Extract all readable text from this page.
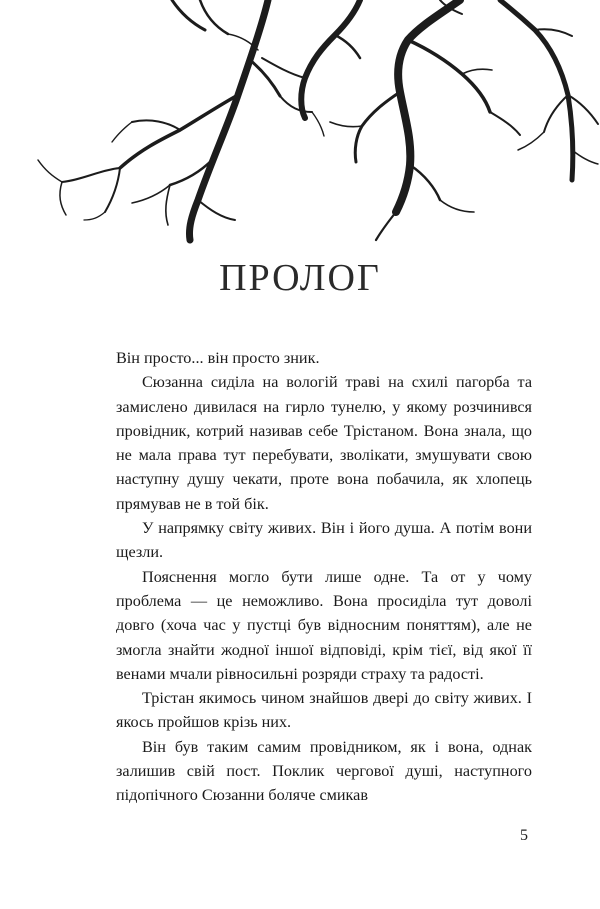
ПРОЛОГ

Він просто... він просто зник.

Сюзанна сиділа на вологій траві на схилі пагорба та замислено дивилася на гирло тунелю, у якому розчинився провідник, котрий називав себе Трістаном. Вона знала, що не мала права тут перебувати, зволікати, змушувати свою наступну душу чекати, проте вона побачила, як хлопець прямував не в той бік.

У напрямку світу живих. Він і його душа. А потім вони щезли.

Пояснення могло бути лише одне. Та от у чому проблема — це неможливо. Вона просиділа тут доволі довго (хоча час у пустці був відносним поняттям), але не змогла знайти жодної іншої відповіді, крім тієї, від якої її венами мчали рівносильні розряди страху та радості.

Трістан якимось чином знайшов двері до світу живих. І якось пройшов крізь них.

Він був таким самим провідником, як і вона, однак залишив свій пост. Поклик чергової душі, наступного підопічного Сюзанни боляче смикав

5
